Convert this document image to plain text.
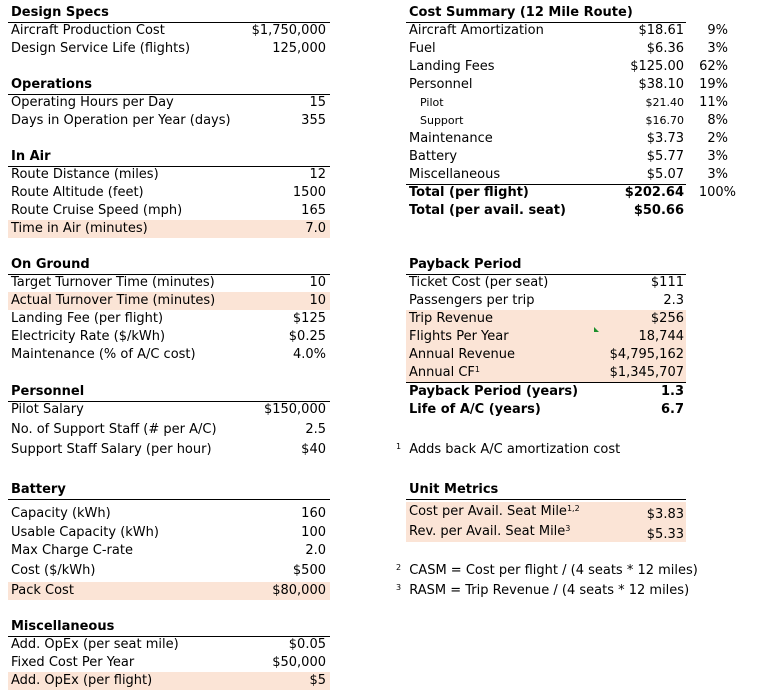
Design Specs
Aircraft Production Cost	$1,750,000
Design Service Life (flights)	125,000
Operations
Operating Hours per Day	15
Days in Operation per Year (days)	355
In Air
Route Distance (miles)	12
Route Altitude (feet)	1500
Route Cruise Speed (mph)	165
Time in Air (minutes)	7.0
On Ground
Target Turnover Time (minutes)	10
Actual Turnover Time (minutes)	10
Landing Fee (per flight)	$125
Electricity Rate ($/kWh)	$0.25
Maintenance (% of A/C cost)	4.0%
Personnel
Pilot Salary	$150,000
No. of Support Staff (# per A/C)	2.5
Support Staff Salary (per hour)	$40
Battery
Capacity (kWh)	160
Usable Capacity (kWh)	100
Max Charge C-rate	2.0
Cost ($/kWh)	$500
Pack Cost	$80,000
Miscellaneous
Add. OpEx (per seat mile)	$0.05
Fixed Cost Per Year	$50,000
Add. OpEx (per flight)	$5
Cost Summary (12 Mile Route)
Aircraft Amortization	$18.61 9%
Fuel	$6.36 3%
Landing Fees	$125.00 62%
Personnel	$38.10 19%
Pilot	$21.40 11%
Support	$16.70 8%
Maintenance	$3.73 2%
Battery	$5.77 3%
Miscellaneous	$5.07 3%
Total (per flight)	$202.64 100%
Total (per avail. seat)	$50.66
Payback Period
Ticket Cost (per seat)	$111
Passengers per trip	2.3
Trip Revenue	$256
Flights Per Year	18,744
Annual Revenue	$4,795,162
Annual $CF^1$	$1,345,707
Payback Period (years)	1.3
Life of A/C (years)	6.7
$^1$ Adds back A/C amortization cost
Unit Metrics
Cost per Avail. Seat Mile$^{1,2}$	$3.83
Rev. per Avail. Seat Mile$^3$	$5.33
$^2$ CASM = Cost per flight / (4 seats * 12 miles)
$^3$ RASM = Trip Revenue / (4 seats * 12 miles)
